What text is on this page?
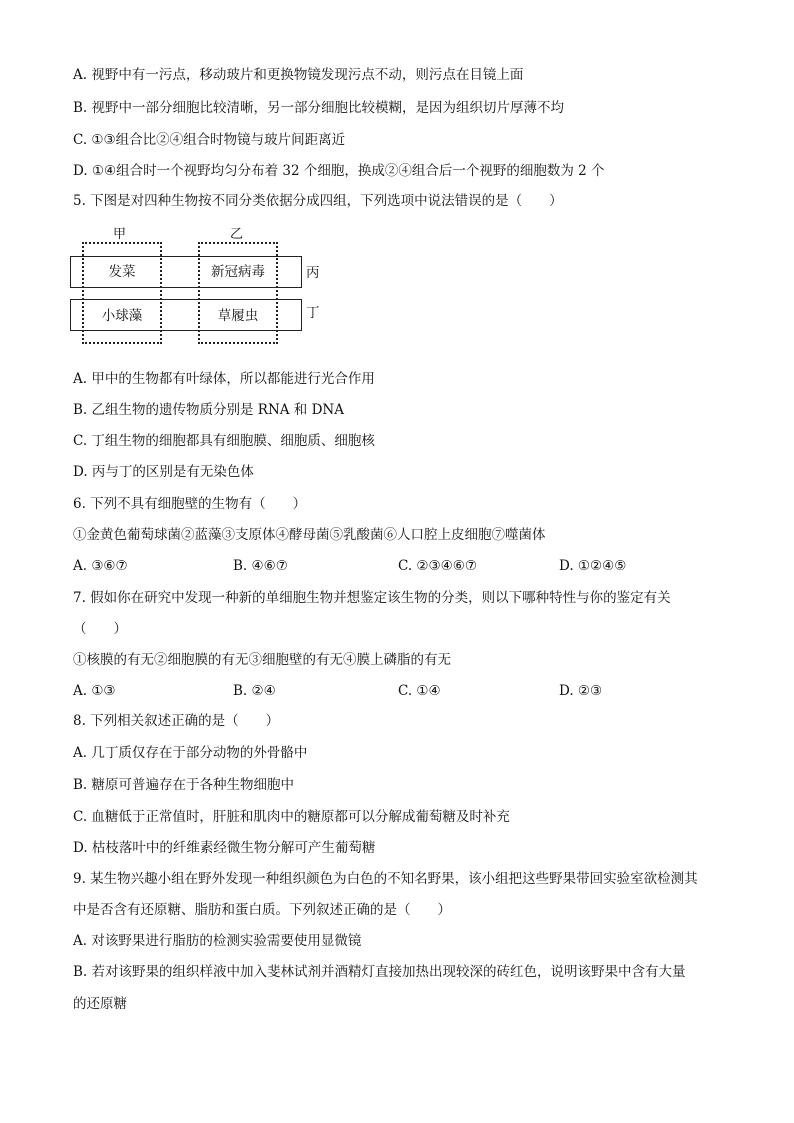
A. 视野中有一污点，移动玻片和更换物镜发现污点不动，则污点在目镜上面
B. 视野中一部分细胞比较清晰，另一部分细胞比较模糊，是因为组织切片厚薄不均
C. ①③组合比②④组合时物镜与玻片间距离近
D. ①④组合时一个视野均匀分布着 32 个细胞，换成②④组合后一个视野的细胞数为 2 个
5. 下图是对四种生物按不同分类依据分成四组，下列选项中说法错误的是（　　）
甲	乙
发菜	新冠病毒
小球藻	草履虫
丙
丁
A. 甲中的生物都有叶绿体，所以都能进行光合作用
B. 乙组生物的遗传物质分别是 RNA 和 DNA
C. 丁组生物的细胞都具有细胞膜、细胞质、细胞核
D. 丙与丁的区别是有无染色体
6. 下列不具有细胞壁的生物有（　　）
①金黄色葡萄球菌②蓝藻③支原体④酵母菌⑤乳酸菌⑥人口腔上皮细胞⑦噬菌体
A. ③⑥⑦	B. ④⑥⑦	C. ②③④⑥⑦	D. ①②④⑤
7. 假如你在研究中发现一种新的单细胞生物并想鉴定该生物的分类，则以下哪种特性与你的鉴定有关
（　　）
①核膜的有无②细胞膜的有无③细胞壁的有无④膜上磷脂的有无
A. ①③	B. ②④	C. ①④	D. ②③
8. 下列相关叙述正确的是（　　）
A. 几丁质仅存在于部分动物的外骨骼中
B. 糖原可普遍存在于各种生物细胞中
C. 血糖低于正常值时，肝脏和肌肉中的糖原都可以分解成葡萄糖及时补充
D. 枯枝落叶中的纤维素经微生物分解可产生葡萄糖
9. 某生物兴趣小组在野外发现一种组织颜色为白色的不知名野果，该小组把这些野果带回实验室欲检测其
中是否含有还原糖、脂肪和蛋白质。下列叙述正确的是（　　）
A. 对该野果进行脂肪的检测实验需要使用显微镜
B. 若对该野果的组织样液中加入斐林试剂并酒精灯直接加热出现较深的砖红色，说明该野果中含有大量
的还原糖
